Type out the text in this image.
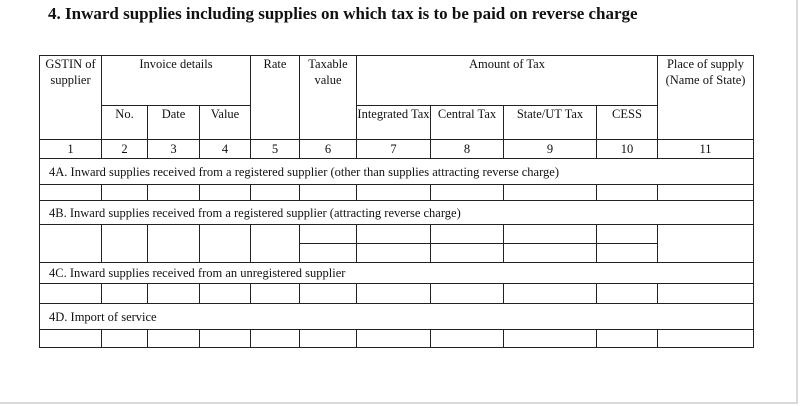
4. Inward supplies including supplies on which tax is to be paid on reverse charge
GSTIN of supplier	Invoice details			Rate	Taxable value	Amount of Tax				Place of supply (Name of State)
	No.	Date	Value			Integrated Tax	Central Tax	State/UT Tax	CESS	
1	2	3	4	5	6	7	8	9	10	11
4A. Inward supplies received from a registered supplier (other than supplies attracting reverse charge)										

4B. Inward supplies received from a registered supplier (attracting reverse charge)										

4C. Inward supplies received from an unregistered supplier										

4D. Import of service										
